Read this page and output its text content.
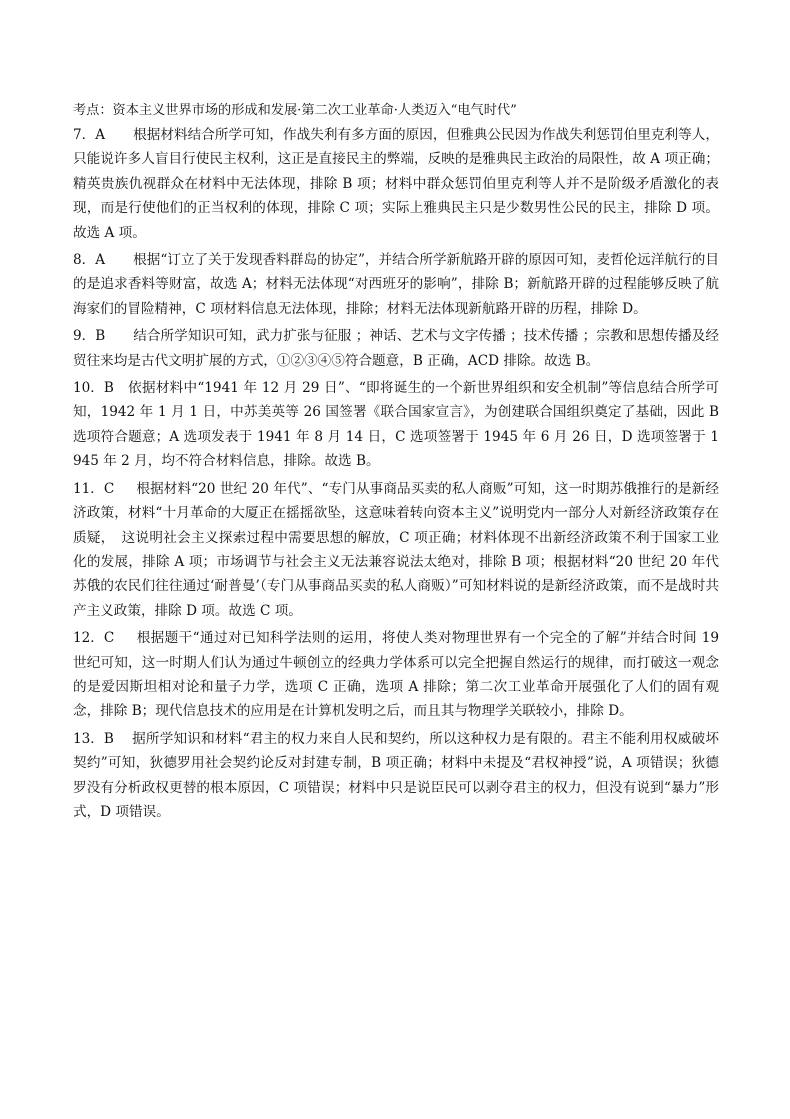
考点：资本主义世界市场的形成和发展·第二次工业革命·人类迈入“电气时代”
7．A 根据材料结合所学可知，作战失利有多方面的原因，但雅典公民因为作战失利惩罚伯里克利等人，只能说许多人盲目行使民主权利，这正是直接民主的弊端，反映的是雅典民主政治的局限性，故 A 项正确；精英贵族仇视群众在材料中无法体现，排除 B 项；材料中群众惩罚伯里克利等人并不是阶级矛盾激化的表现，而是行使他们的正当权利的体现，排除 C 项；实际上雅典民主只是少数男性公民的民主，排除 D 项。故选 A 项。
8．A 根据“订立了关于发现香料群岛的协定”，并结合所学新航路开辟的原因可知，麦哲伦远洋航行的目的是追求香料等财富，故选 A；材料无法体现“对西班牙的影响”，排除 B；新航路开辟的过程能够反映了航海家们的冒险精神，C 项材料信息无法体现，排除；材料无法体现新航路开辟的历程，排除 D。
9．B 结合所学知识可知，武力扩张与征服 ；神话、艺术与文字传播 ；技术传播 ；宗教和思想传播及经贸往来均是古代文明扩展的方式，①②③④⑤符合题意，B 正确，ACD 排除。故选 B。
10．B 依据材料中“1941 年 12 月 29 日”、“即将诞生的一个新世界组织和安全机制”等信息结合所学可知，1942 年 1 月 1 日，中苏美英等 26 国签署《联合国家宣言》，为创建联合国组织奠定了基础，因此 B 选项符合题意；A 选项发表于 1941 年 8 月 14 日，C 选项签署于 1945 年 6 月 26 日，D 选项签署于 1945 年 2 月，均不符合材料信息，排除。故选 B。
11．C 根据材料“20 世纪 20 年代”、“专门从事商品买卖的私人商贩”可知，这一时期苏俄推行的是新经济政策，材料“十月革命的大厦正在摇摇欲坠，这意味着转向资本主义”说明党内一部分人对新经济政策存在质疑，　这说明社会主义探索过程中需要思想的解放，C 项正确；材料体现不出新经济政策不利于国家工业化的发展，排除 A 项；市场调节与社会主义无法兼容说法太绝对，排除 B 项；根据材料“20 世纪 20 年代苏俄的农民们往往通过‘耐普曼’（专门从事商品买卖的私人商贩）”可知材料说的是新经济政策，而不是战时共产主义政策，排除 D 项。故选 C 项。
12．C 根据题干“通过对已知科学法则的运用，将使人类对物理世界有一个完全的了解”并结合时间 19 世纪可知，这一时期人们认为通过牛顿创立的经典力学体系可以完全把握自然运行的规律，而打破这一观念的是爱因斯坦相对论和量子力学，选项 C 正确，选项 A 排除；第二次工业革命开展强化了人们的固有观念，排除 B；现代信息技术的应用是在计算机发明之后，而且其与物理学关联较小，排除 D。
13．B 据所学知识和材料“君主的权力来自人民和契约，所以这种权力是有限的。君主不能利用权威破坏契约”可知，狄德罗用社会契约论反对封建专制，B 项正确；材料中未提及“君权神授”说，A 项错误；狄德罗没有分析政权更替的根本原因，C 项错误；材料中只是说臣民可以剥夺君主的权力，但没有说到“暴力”形式，D 项错误。
